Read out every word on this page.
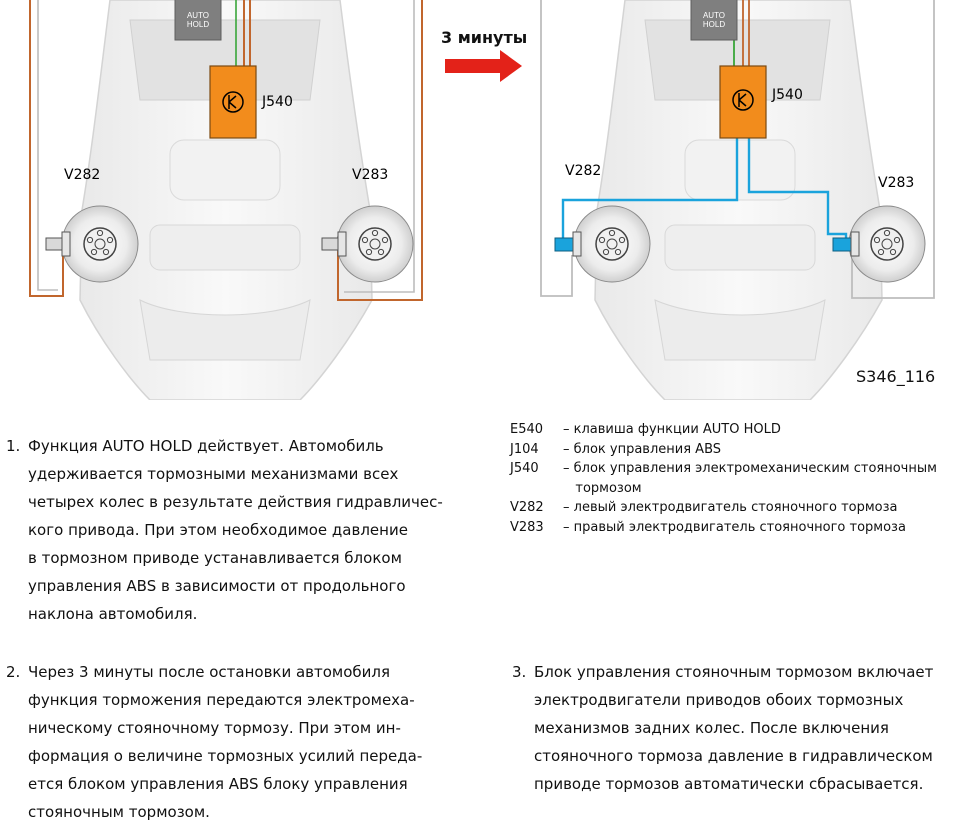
AUTO
HOLD
J540
V282	V283
AUTO
HOLD
J540
V282
V283
3 минуты
S346_116
E540 – клавиша функции AUTO HOLD
J104 – блок управления ABS
J540 – блок управления электромеханическим стояночным
тормозом
V282 – левый электродвигатель стояночного тормоза
V283 – правый электродвигатель стояночного тормоза
1. Функция AUTO HOLD действует. Автомобиль
удерживается тормозными механизмами всех
четырех колес в результате действия гидравличес-
кого привода. При этом необходимое давление
в тормозном приводе устанавливается блоком
управления ABS в зависимости от продольного
наклона автомобиля.
2. Через 3 минуты после остановки автомобиля
функция торможения передаются электромеха-
ническому стояночному тормозу. При этом ин-
формация о величине тормозных усилий переда-
ется блоком управления ABS блоку управления
стояночным тормозом.
3. Блок управления стояночным тормозом включает
электродвигатели приводов обоих тормозных
механизмов задних колес. После включения
стояночного тормоза давление в гидравлическом
приводе тормозов автоматически сбрасывается.
